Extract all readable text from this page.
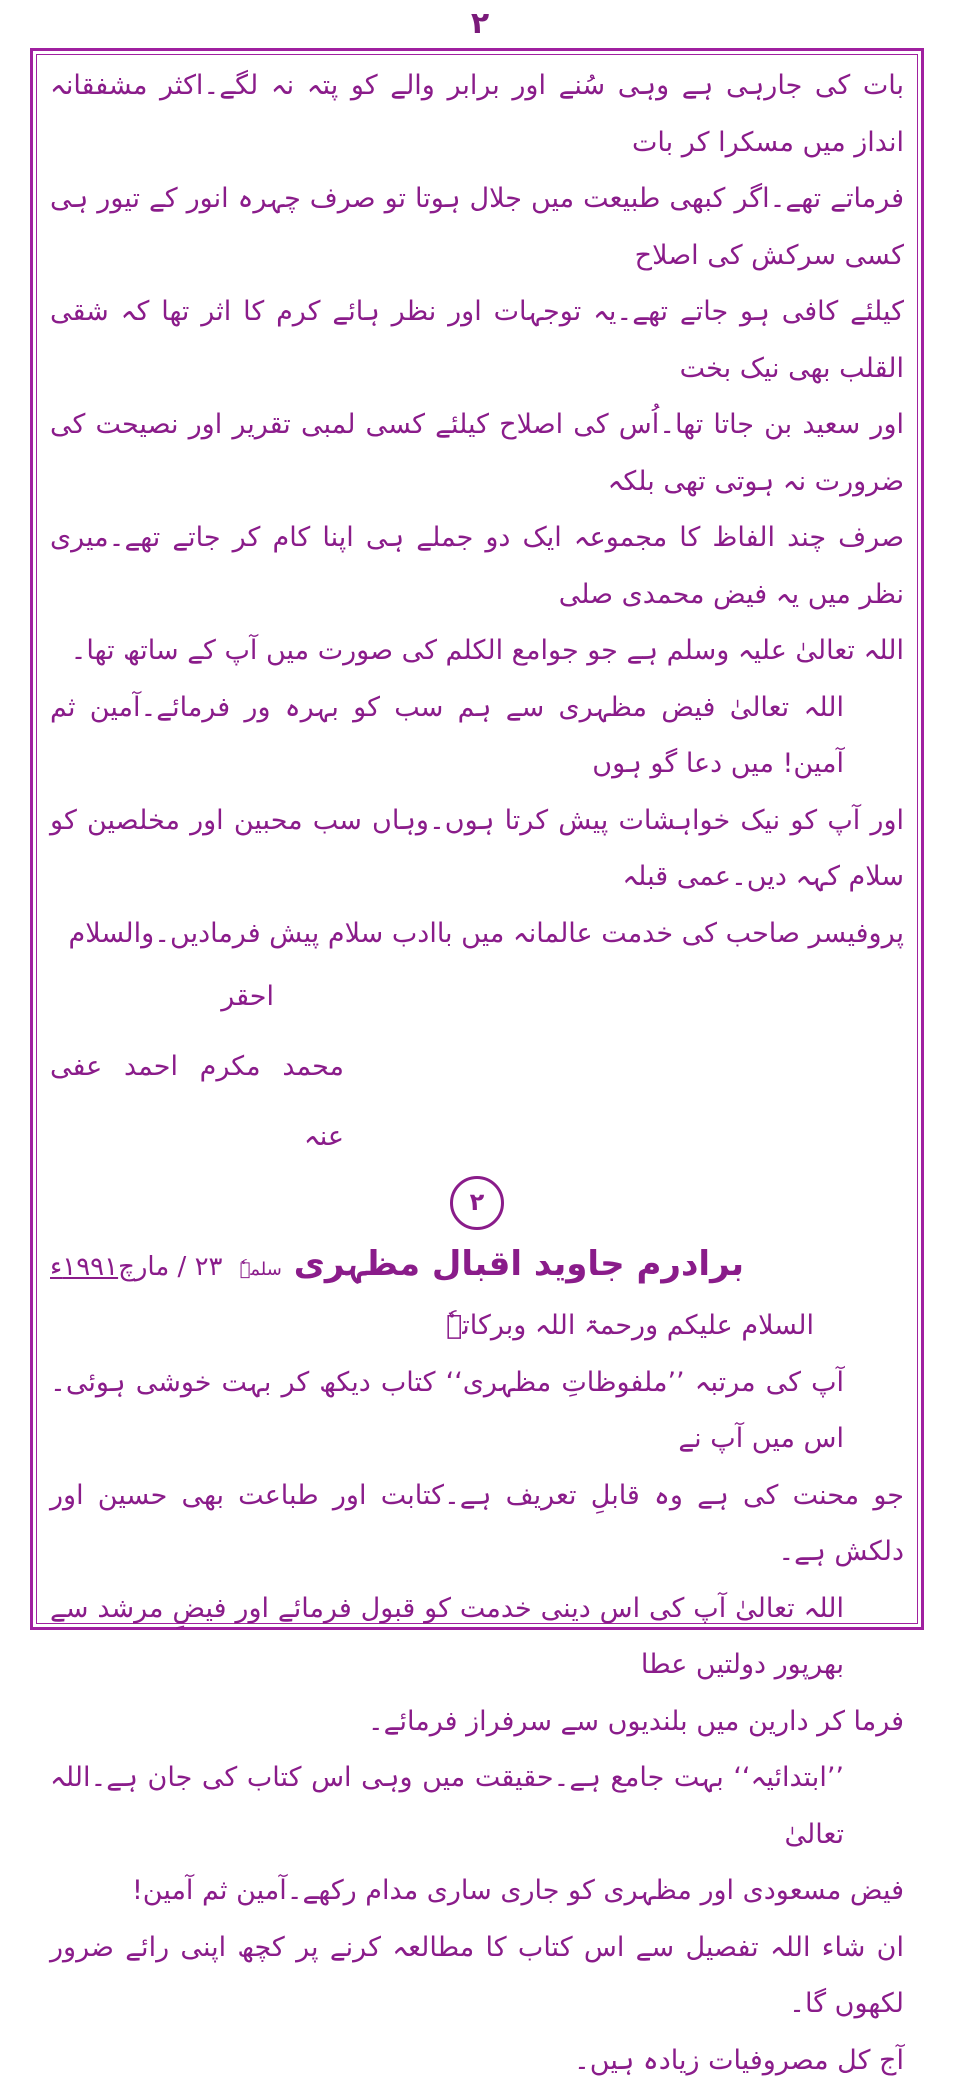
۲

بات کی جارہی ہے وہی سُنے اور برابر والے کو پتہ نہ لگے۔اکثر مشفقانہ انداز میں مسکرا کر بات

فرماتے تھے۔اگر کبھی طبیعت میں جلال ہوتا تو صرف چہرہ انور کے تیور ہی کسی سرکش کی اصلاح

کیلئے کافی ہو جاتے تھے۔یہ توجہات اور نظر ہائے کرم کا اثر تھا کہ شقی القلب بھی نیک بخت

اور سعید بن جاتا تھا۔اُس کی اصلاح کیلئے کسی لمبی تقریر اور نصیحت کی ضرورت نہ ہوتی تھی بلکہ

صرف چند الفاظ کا مجموعہ ایک دو جملے ہی اپنا کام کر جاتے تھے۔میری نظر میں یہ فیض محمدی صلی

اللہ تعالیٰ علیہ وسلم ہے جو جوامع الکلم کی صورت میں آپ کے ساتھ تھا۔

اللہ تعالیٰ فیض مظہری سے ہم سب کو بہرہ ور فرمائے۔آمین ثم آمین! میں دعا گو ہوں

اور آپ کو نیک خواہشات پیش کرتا ہوں۔وہاں سب محبین اور مخلصین کو سلام کہہ دیں۔عمی قبلہ

پروفیسر صاحب کی خدمت عالمانہ میں باادب سلام پیش فرمادیں۔والسلام

احقر

محمد مکرم احمد عفی عنہ

۲
برادرم جاوید اقبال مظہری سلمہٗ
۲۳ / مارچ۱۹۹۱ء

السلام علیکم ورحمۃ اللہ وبرکاتہٗ

آپ کی مرتبہ ’’ملفوظاتِ مظہری‘‘ کتاب دیکھ کر بہت خوشی ہوئی۔اس میں آپ نے

جو محنت کی ہے وہ قابلِ تعریف ہے۔کتابت اور طباعت بھی حسین اور دلکش ہے۔

اللہ تعالیٰ آپ کی اس دینی خدمت کو قبول فرمائے اور فیضِ مرشد سے بھرپور دولتیں عطا

فرما کر دارین میں بلندیوں سے سرفراز فرمائے۔

’’ابتدائیہ‘‘ بہت جامع ہے۔حقیقت میں وہی اس کتاب کی جان ہے۔اللہ تعالیٰ

فیض مسعودی اور مظہری کو جاری ساری مدام رکھے۔آمین ثم آمین!

ان شاء اللہ تفصیل سے اس کتاب کا مطالعہ کرنے پر کچھ اپنی رائے ضرور لکھوں گا۔

آج کل مصروفیات زیادہ ہیں۔
